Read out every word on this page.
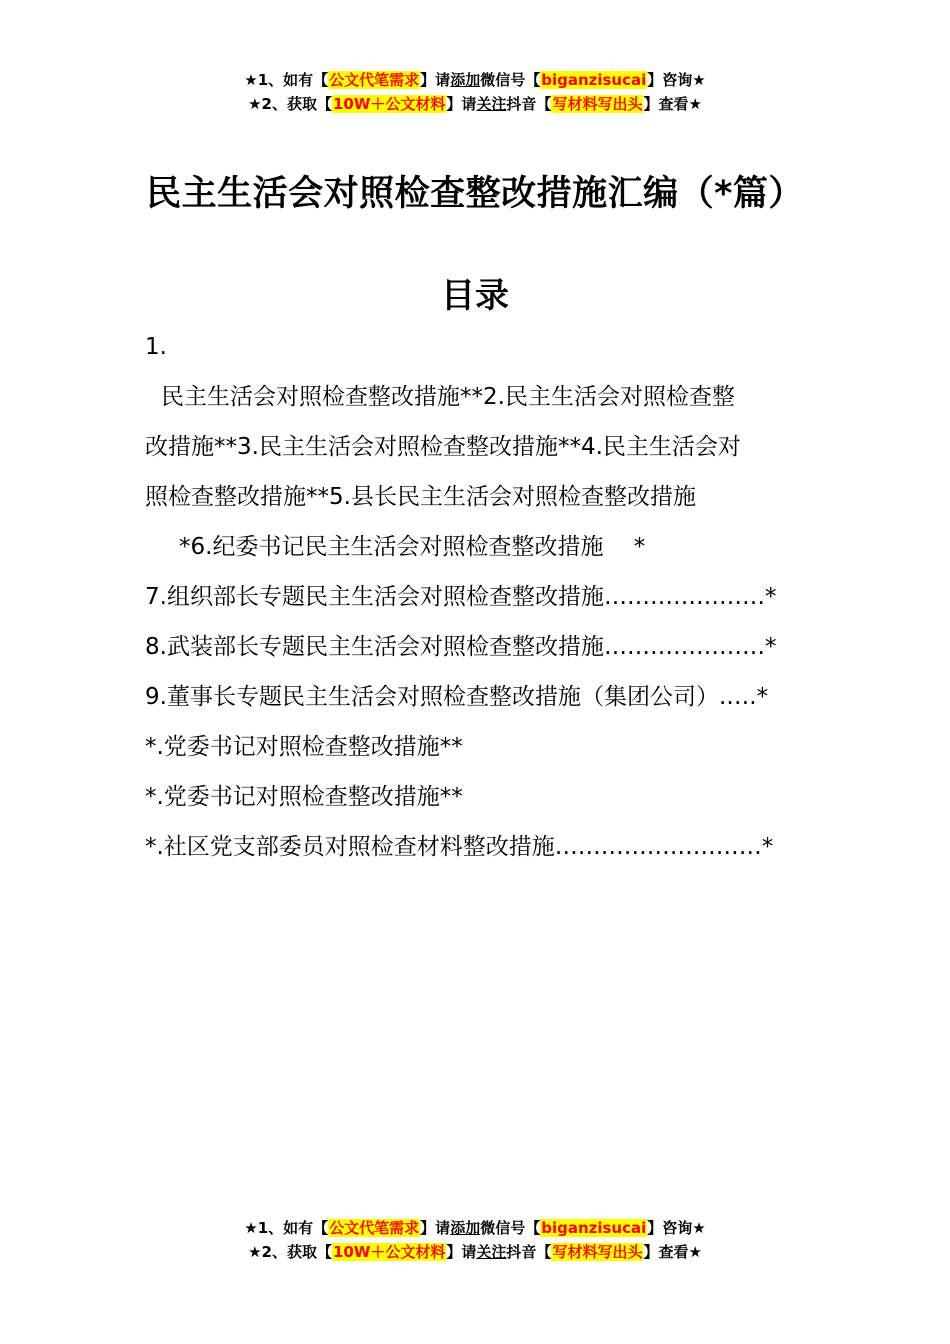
★1、如有【公文代笔需求】请添加微信号【biganzisucai】咨询★
★2、获取【10W＋公文材料】请关注抖音【写材料写出头】查看★
民主生活会对照检查整改措施汇编（*篇）
目录
1.
民主生活会对照检查整改措施**2.民主生活会对照检查整
改措施**3.民主生活会对照检查整改措施**4.民主生活会对
照检查整改措施**5.县长民主生活会对照检查整改措施
*6.纪委书记民主生活会对照检查整改措施　 *
7.组织部长专题民主生活会对照检查整改措施…………………*
8.武装部长专题民主生活会对照检查整改措施…………………*
9.董事长专题民主生活会对照检查整改措施（集团公司）.….*
*.党委书记对照检查整改措施**
*.党委书记对照检查整改措施**
*.社区党支部委员对照检查材料整改措施………………………*
★1、如有【公文代笔需求】请添加微信号【biganzisucai】咨询★
★2、获取【10W＋公文材料】请关注抖音【写材料写出头】查看★
